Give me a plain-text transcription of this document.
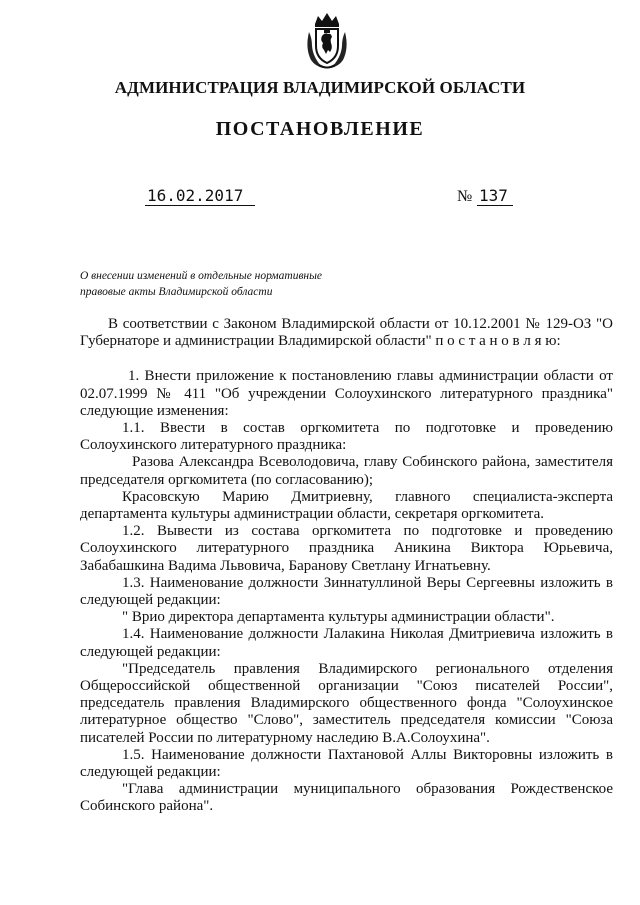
АДМИНИСТРАЦИЯ ВЛАДИМИРСКОЙ ОБЛАСТИ
ПОСТАНОВЛЕНИЕ
16.02.2017	№ 137
О внесении изменений в отдельные нормативные
правовые акты Владимирской области

В соответствии с Законом Владимирской области от 10.12.2001 № 129-ОЗ "О Губернаторе и администрации Владимирской области" п о с т а н о в л я ю:

1. Внести приложение к постановлению главы администрации области от 02.07.1999 № 411 "Об учреждении Солоухинского литературного праздника" следующие изменения:

1.1. Ввести в состав оргкомитета по подготовке и проведению Солоухинского литературного праздника:

Разова Александра Всеволодовича, главу Собинского района, заместителя председателя оргкомитета (по согласованию);

Красовскую Марию Дмитриевну, главного специалиста-эксперта департамента культуры администрации области, секретаря оргкомитета.

1.2. Вывести из состава оргкомитета по подготовке и проведению Солоухинского литературного праздника Аникина Виктора Юрьевича, Забабашкина Вадима Львовича, Баранову Светлану Игнатьевну.

1.3. Наименование должности Зиннатуллиной Веры Сергеевны изложить в следующей редакции:

" Врио директора департамента культуры администрации области".

1.4. Наименование должности Лалакина Николая Дмитриевича изложить в следующей редакции:

"Председатель правления Владимирского регионального отделения Общероссийской общественной организации "Союз писателей России", председатель правления Владимирского общественного фонда "Солоухинское литературное общество "Слово", заместитель председателя комиссии "Союза писателей России по литературному наследию В.А.Солоухина".

1.5. Наименование должности Пахтановой Аллы Викторовны изложить в следующей редакции:

"Глава администрации муниципального образования Рождественское Собинского района".
